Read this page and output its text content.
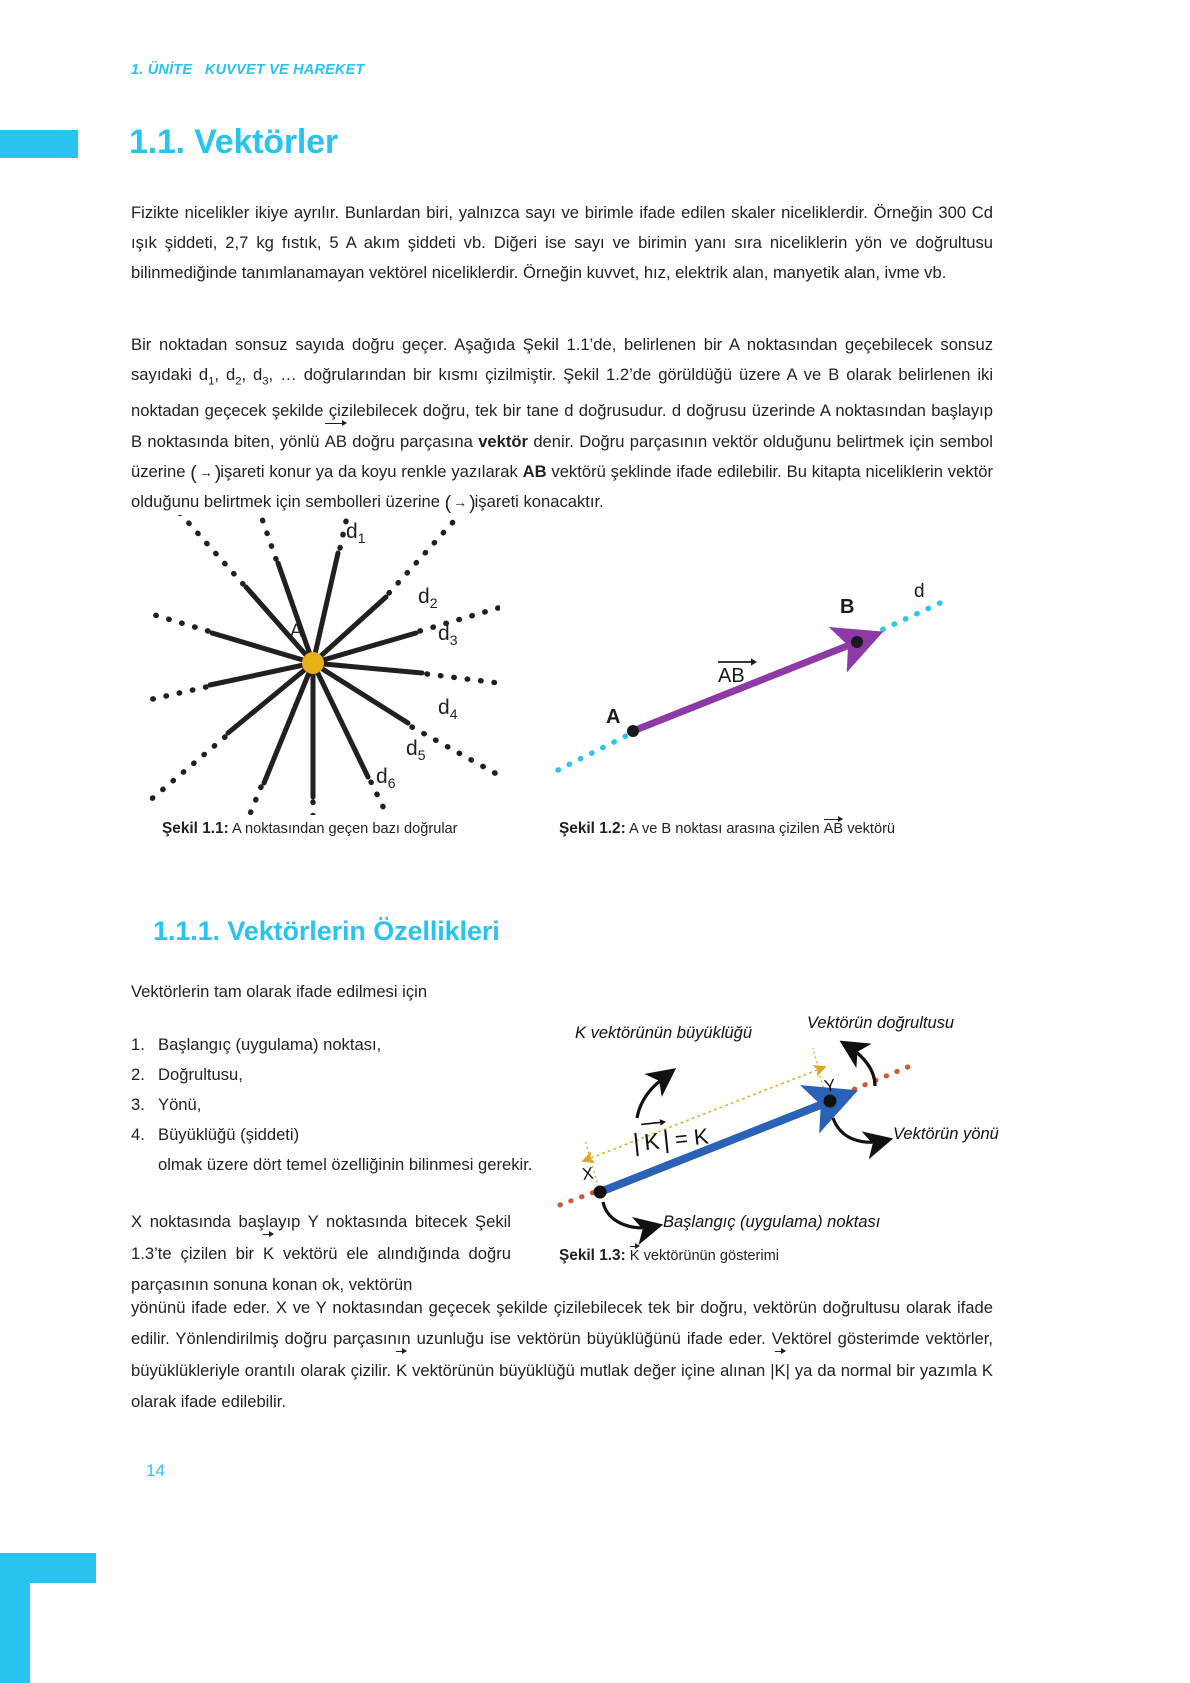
1. ÜNİTE   KUVVET VE HAREKET
1.1. Vektörler
Fizikte nicelikler ikiye ayrılır. Bunlardan biri, yalnızca sayı ve birimle ifade edilen skaler niceliklerdir. Örneğin 300 Cd ışık şiddeti, 2,7 kg fıstık, 5 A akım şiddeti vb. Diğeri ise sayı ve birimin yanı sıra niceliklerin yön ve doğrultusu bilinmediğinde tanımlanamayan vektörel niceliklerdir. Örneğin kuvvet, hız, elektrik alan, manyetik alan, ivme vb.
Bir noktadan sonsuz sayıda doğru geçer. Aşağıda Şekil 1.1’de, belirlenen bir A noktasından geçebilecek sonsuz sayıdaki $d_1$, $d_2$, $d_3$, … doğrularından bir kısmı çizilmiştir. Şekil 1.2’de görüldüğü üzere A ve B olarak belirlenen iki noktadan geçecek şekilde çizilebilecek doğru, tek bir tane d doğrusudur. d doğrusu üzerinde A noktasından başlayıp B noktasında biten, yönlü AB doğru parçasına vektör denir. Doğru parçasının vektör olduğunu belirtmek için sembol üzerine ( → )işareti konur ya da koyu renkle yazılarak AB vektörü şeklinde ifade edilebilir. Bu kitapta niceliklerin vektör olduğunu belirtmek için sembolleri üzerine ( → )işareti konacaktır.
A
$d_1$
$d_2$
$d_3$
$d_4$
$d_5$
$d_6$
A
B
d
AB
Şekil 1.1: A noktasından geçen bazı doğrular	Şekil 1.2: A ve B noktası arasına çizilen AB vektörü
1.1.1. Vektörlerin Özellikleri
Vektörlerin tam olarak ifade edilmesi için
1. Başlangıç (uygulama) noktası,
2. Doğrultusu,
3. Yönü,
4. Büyüklüğü (şiddeti)
olmak üzere dört temel özelliğinin bilinmesi gerekir.	X
Y
| K | = K
K vektörünün büyüklüğü
Vektörün doğrultusu
Vektörün yönü
Başlangıç (uygulama) noktası
Şekil 1.3: K vektörünün gösterimi
X noktasında başlayıp Y noktasında bitecek Şekil 1.3’te çizilen bir K vektörü ele alındığında doğru parçasının sonuna konan ok, vektörün
yönünü ifade eder. X ve Y noktasından geçecek şekilde çizilebilecek tek bir doğru, vektörün doğrultusu olarak ifade edilir. Yönlendirilmiş doğru parçasının uzunluğu ise vektörün büyüklüğünü ifade eder. Vektörel gösterimde vektörler, büyüklükleriyle orantılı olarak çizilir. K vektörünün büyüklüğü mutlak değer içine alınan |K| ya da normal bir yazımla K olarak ifade edilebilir.
14
